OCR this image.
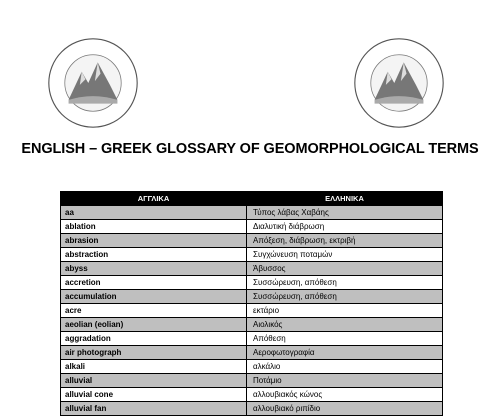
ENGLISH – GREEK GLOSSARY OF GEOMORPHOLOGICAL TERMS
ΑΓΓΛΙΚΑ	ΕΛΛΗΝΙΚΑ
aa	Τύπος λάβας Χαβάης
ablation	Διαλυτική διάβρωση
abrasion	Απόξεση, διάβρωση, εκτριβή
abstraction	Συγχώνευση ποταμών
abyss	Άβυσσος
accretion	Συσσώρευση, απόθεση
accumulation	Συσσώρευση, απόθεση
acre	εκτάριο
aeolian (eolian)	Αιολικός
aggradation	Απόθεση
air photograph	Αεροφωτογραφία
alkali	αλκάλιο
alluvial	Ποτάμιο
alluvial cone	αλλουβιακός κώνος
alluvial fan	αλλουβιακό ριπίδιο
